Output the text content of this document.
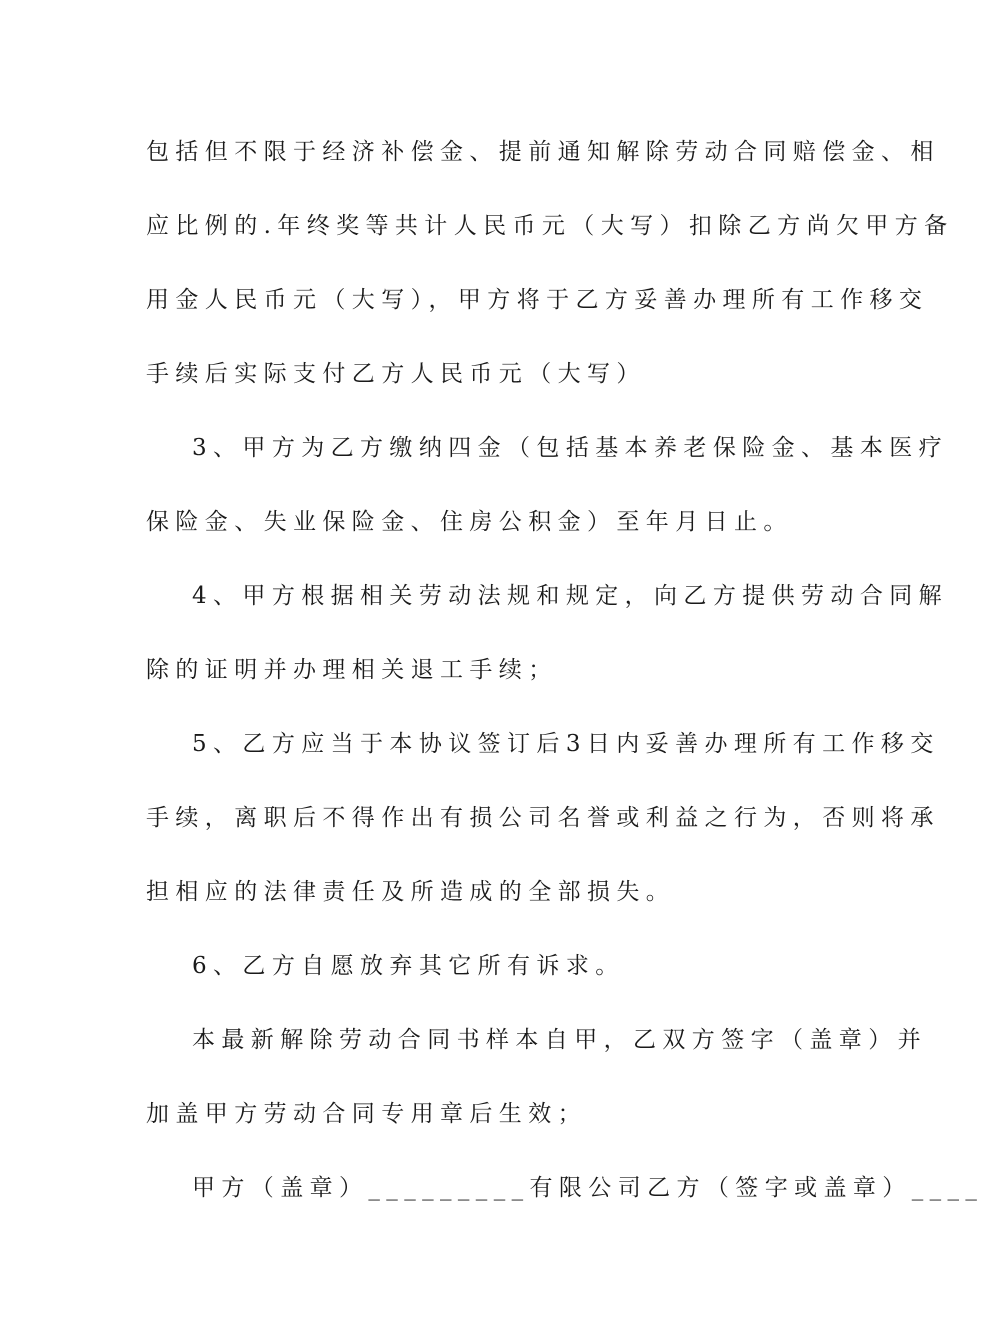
包括但不限于经济补偿金、提前通知解除劳动合同赔偿金、相
应比例的.年终奖等共计人民币元（大写）扣除乙方尚欠甲方备
用金人民币元（大写），甲方将于乙方妥善办理所有工作移交
手续后实际支付乙方人民币元（大写）
3、甲方为乙方缴纳四金（包括基本养老保险金、基本医疗
保险金、失业保险金、住房公积金）至年月日止。
4、甲方根据相关劳动法规和规定，向乙方提供劳动合同解
除的证明并办理相关退工手续；
5、乙方应当于本协议签订后3日内妥善办理所有工作移交
手续，离职后不得作出有损公司名誉或利益之行为，否则将承
担相应的法律责任及所造成的全部损失。
6、乙方自愿放弃其它所有诉求。
本最新解除劳动合同书样本自甲，乙双方签字（盖章）并
加盖甲方劳动合同专用章后生效；
甲方（盖章）_________有限公司乙方（签字或盖章）____
